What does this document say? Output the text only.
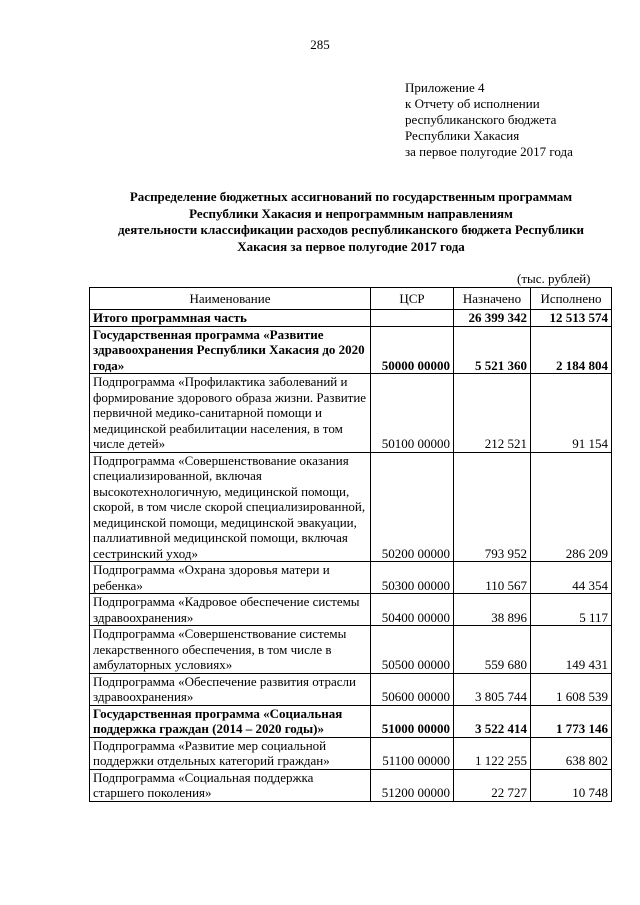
285
Приложение 4
к Отчету об исполнении
республиканского бюджета
Республики Хакасия
за первое полугодие 2017 года
Распределение бюджетных ассигнований по государственным программам
Республики Хакасия и непрограммным направлениям
деятельности классификации расходов республиканского бюджета Республики
Хакасия за первое полугодие 2017 года
(тыс. рублей)
Наименование	ЦСР	Назначено	Исполнено
Итого программная часть		26 399 342	12 513 574
Государственная программа «Развитие здравоохранения Республики Хакасия до 2020 года»	50000 00000	5 521 360	2 184 804
Подпрограмма «Профилактика заболеваний и формирование здорового образа жизни. Развитие первичной медико-санитарной помощи и медицинской реабилитации населения, в том числе детей»	50100 00000	212 521	91 154
Подпрограмма «Совершенствование оказания специализированной, включая высокотехнологичную, медицинской помощи, скорой, в том числе скорой специализированной, медицинской помощи, медицинской эвакуации, паллиативной медицинской помощи, включая сестринский уход»	50200 00000	793 952	286 209
Подпрограмма «Охрана здоровья матери и ребенка»	50300 00000	110 567	44 354
Подпрограмма «Кадровое обеспечение системы здравоохранения»	50400 00000	38 896	5 117
Подпрограмма «Совершенствование системы лекарственного обеспечения, в том числе в амбулаторных условиях»	50500 00000	559 680	149 431
Подпрограмма «Обеспечение развития отрасли здравоохранения»	50600 00000	3 805 744	1 608 539
Государственная программа «Социальная поддержка граждан (2014 – 2020 годы)»	51000 00000	3 522 414	1 773 146
Подпрограмма «Развитие мер социальной поддержки отдельных категорий граждан»	51100 00000	1 122 255	638 802
Подпрограмма «Социальная поддержка старшего поколения»	51200 00000	22 727	10 748
